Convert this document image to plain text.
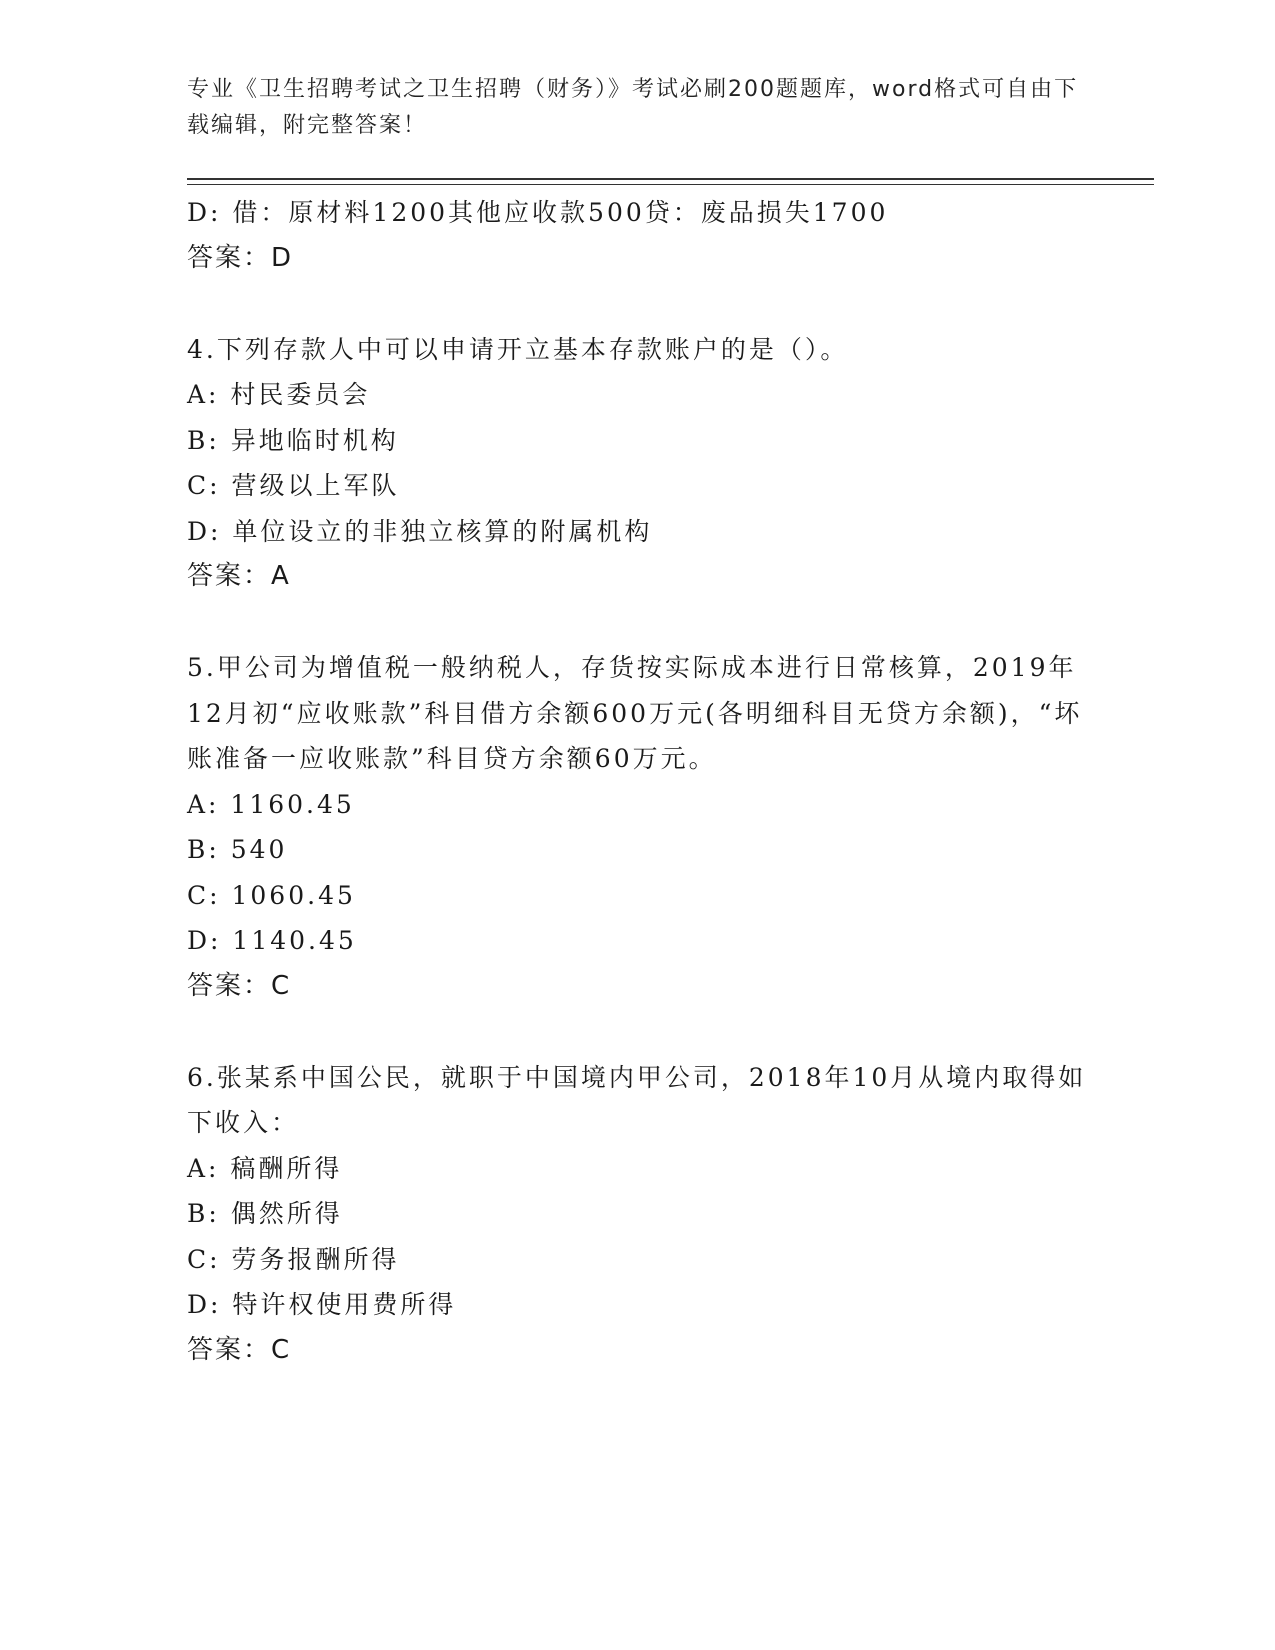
专业《卫生招聘考试之卫生招聘（财务）》考试必刷200题题库，word格式可自由下载编辑，附完整答案！
D: 借：原材料1200其他应收款500贷：废品损失1700
答案：D
4.下列存款人中可以申请开立基本存款账户的是（）。
A: 村民委员会
B: 异地临时机构
C: 营级以上军队
D: 单位设立的非独立核算的附属机构
答案：A
5.甲公司为增值税一般纳税人，存货按实际成本进行日常核算，2019年12月初“应收账款”科目借方余额600万元(各明细科目无贷方余额)，“坏账准备一应收账款”科目贷方余额60万元。
A: 1160.45
B: 540
C: 1060.45
D: 1140.45
答案：C
6.张某系中国公民，就职于中国境内甲公司，2018年10月从境内取得如下收入：
A: 稿酬所得
B: 偶然所得
C: 劳务报酬所得
D: 特许权使用费所得
答案：C
